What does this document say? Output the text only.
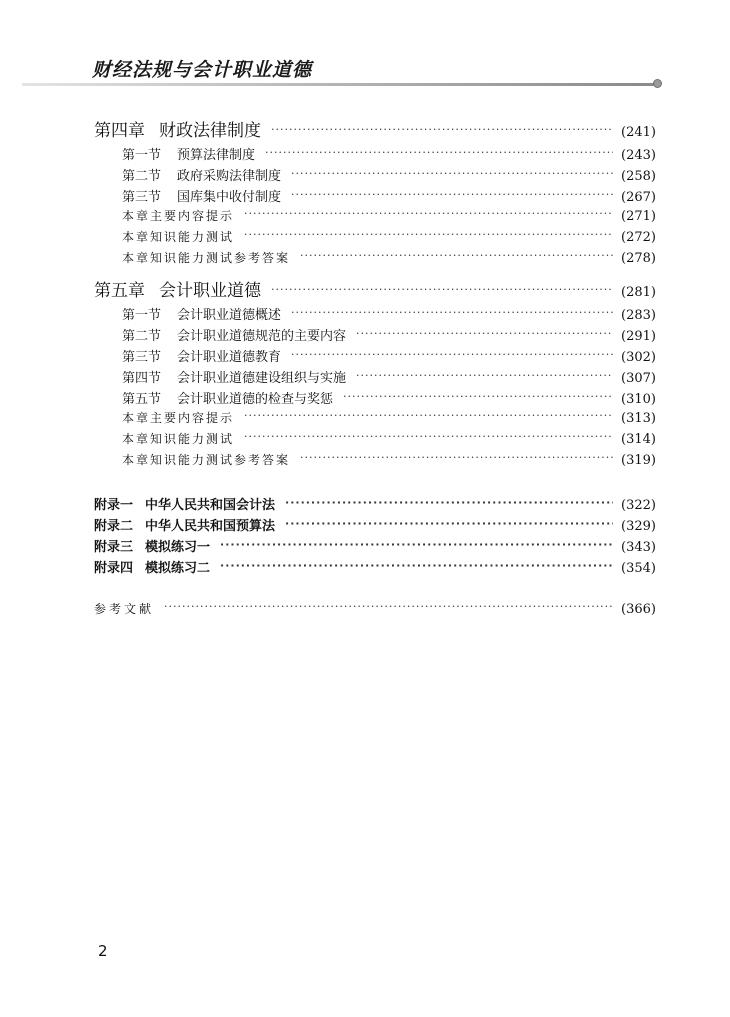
财经法规与会计职业道德
第四章 财政法律制度 ·····	(241)
第一节 预算法律制度 ·····	(243)
第二节 政府采购法律制度 ·····	(258)
第三节 国库集中收付制度 ·····	(267)
本章主要内容提示 ·····	(271)
本章知识能力测试 ·····	(272)
本章知识能力测试参考答案 ·····	(278)
第五章 会计职业道德 ·····	(281)
第一节 会计职业道德概述 ·····	(283)
第二节 会计职业道德规范的主要内容 ·····	(291)
第三节 会计职业道德教育 ·····	(302)
第四节 会计职业道德建设组织与实施 ·····	(307)
第五节 会计职业道德的检查与奖惩 ·····	(310)
本章主要内容提示 ·····	(313)
本章知识能力测试 ·····	(314)
本章知识能力测试参考答案 ·····	(319)
附录一 中华人民共和国会计法 ·····	(322)
附录二 中华人民共和国预算法 ·····	(329)
附录三 模拟练习一 ·····	(343)
附录四 模拟练习二 ·····	(354)
参考文献 ·····	(366)
2
